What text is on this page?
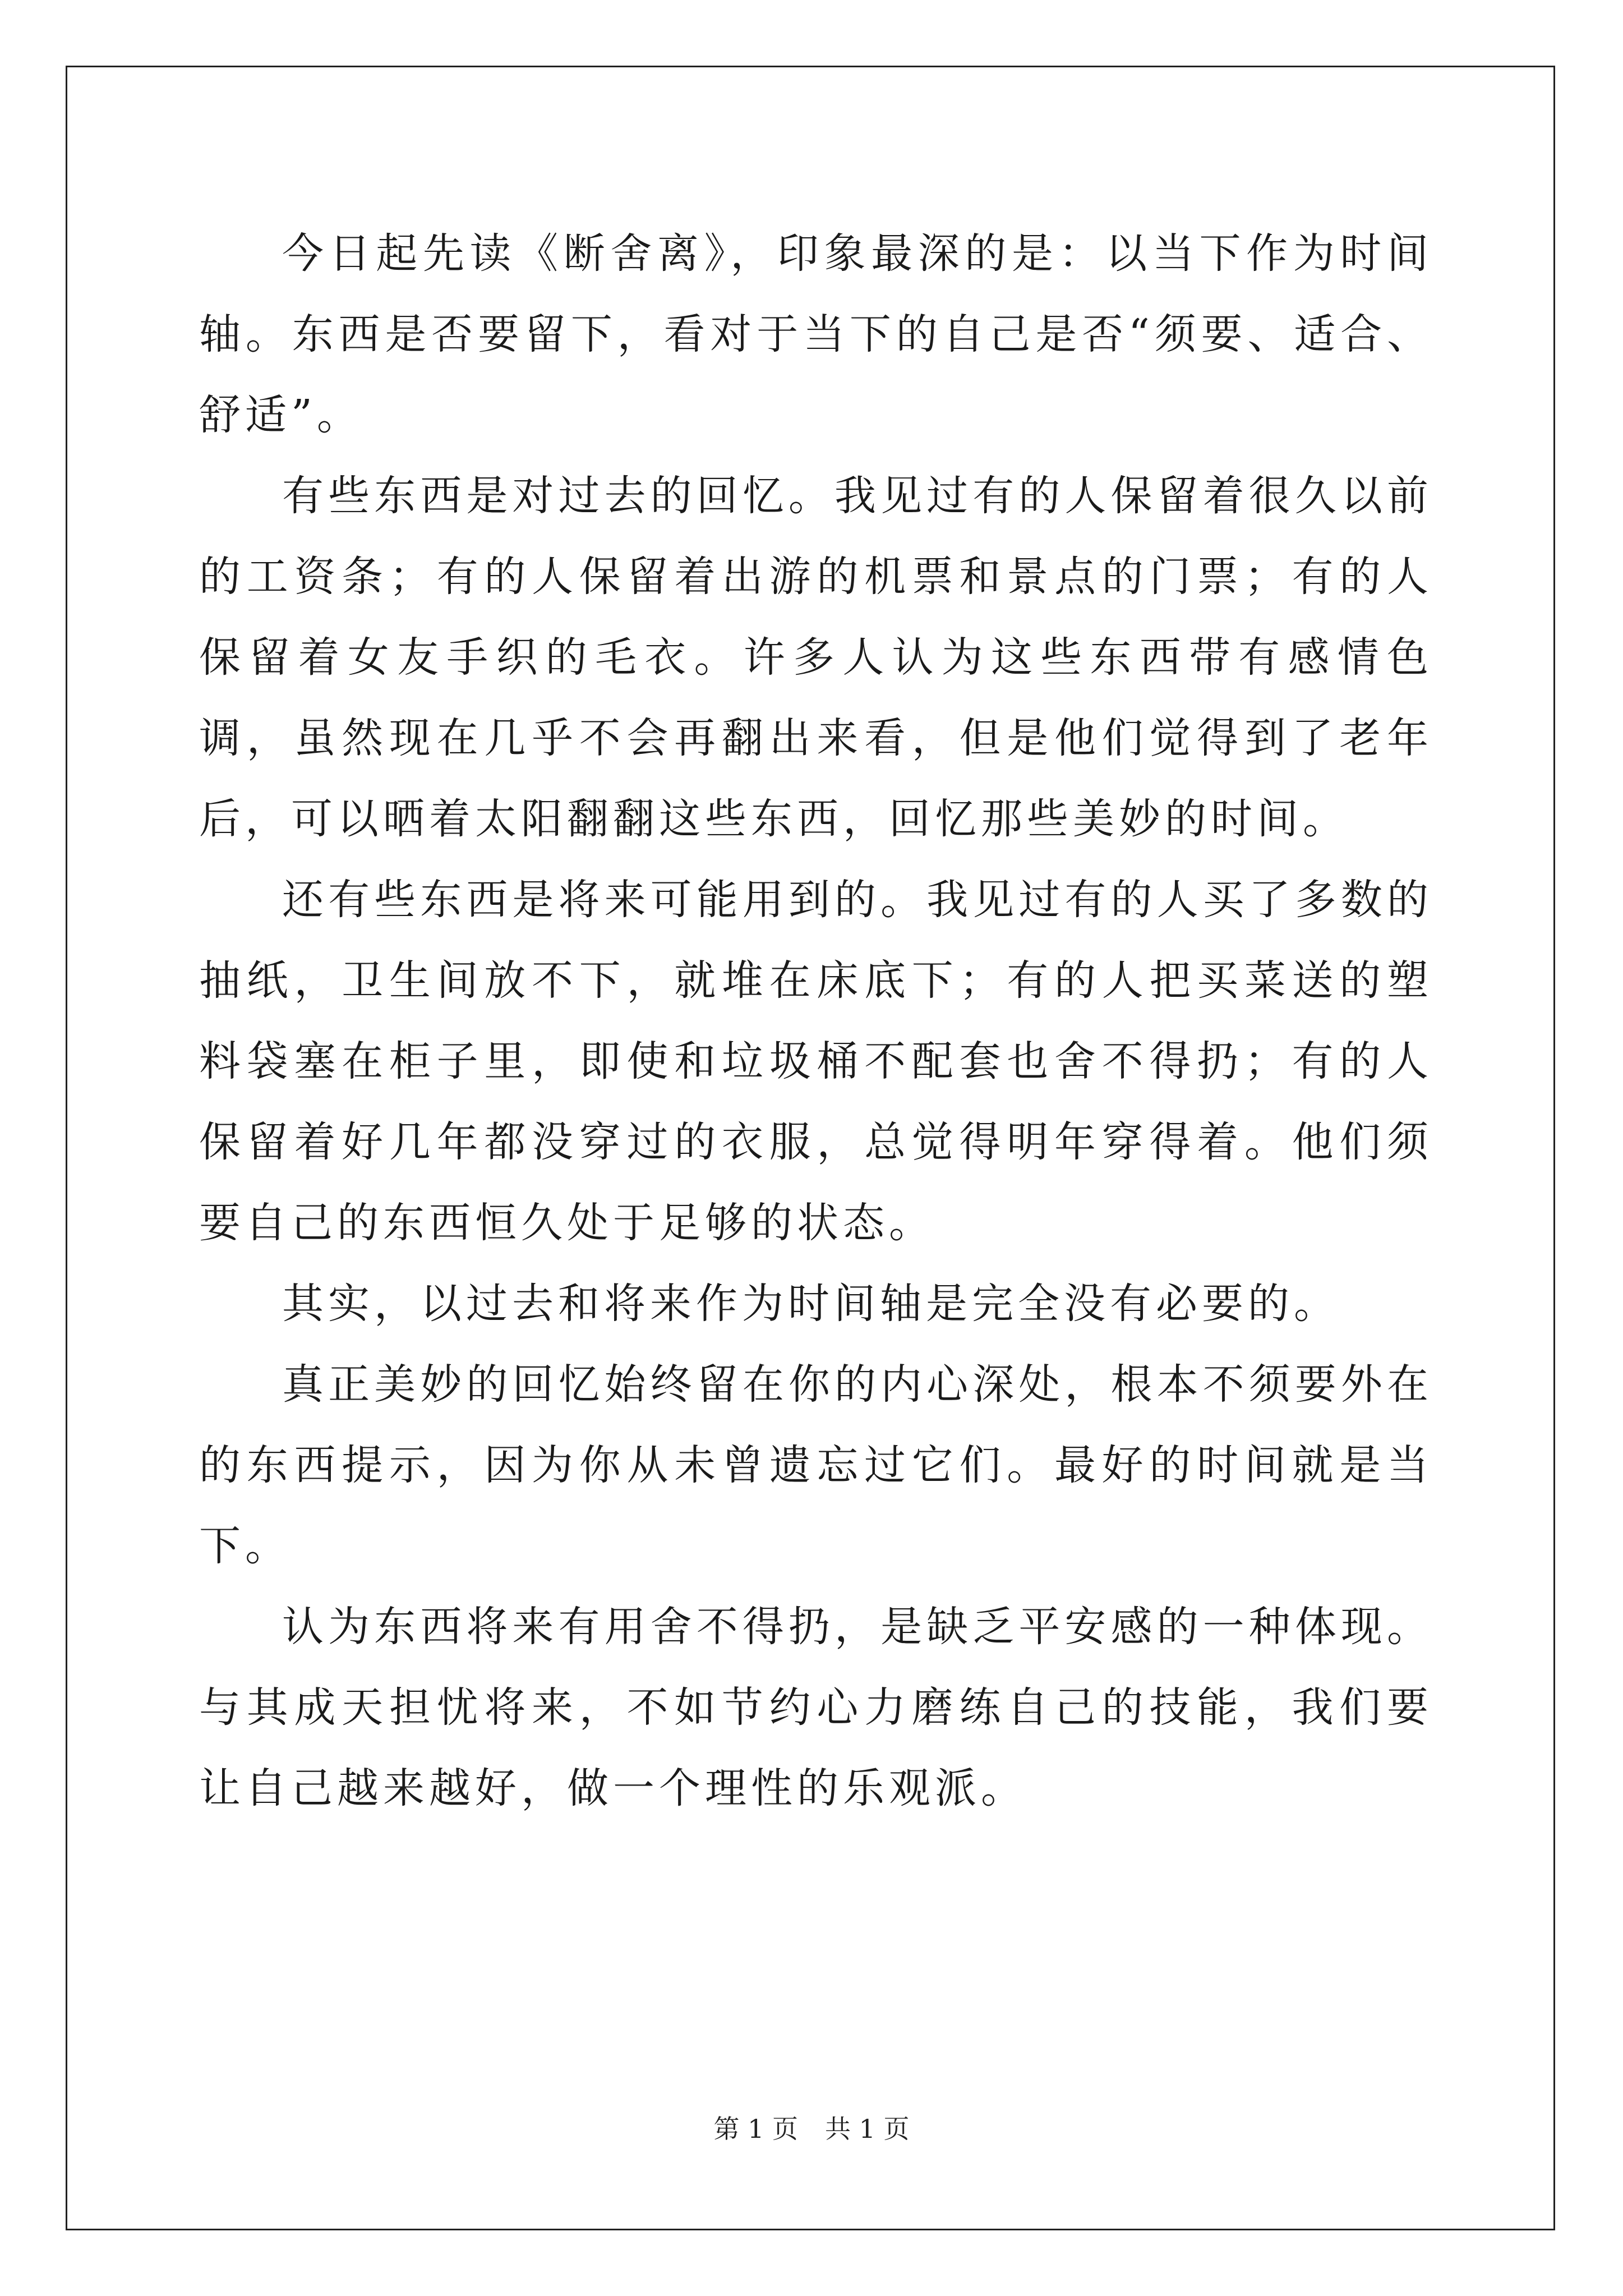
今日起先读《断舍离》，印象最深的是：以当下作为时间轴。东西是否要留下，看对于当下的自己是否“须要、适合、舒适”。

有些东西是对过去的回忆。我见过有的人保留着很久以前的工资条；有的人保留着出游的机票和景点的门票；有的人保留着女友手织的毛衣。许多人认为这些东西带有感情色调，虽然现在几乎不会再翻出来看，但是他们觉得到了老年后，可以晒着太阳翻翻这些东西，回忆那些美妙的时间。

还有些东西是将来可能用到的。我见过有的人买了多数的抽纸，卫生间放不下，就堆在床底下；有的人把买菜送的塑料袋塞在柜子里，即使和垃圾桶不配套也舍不得扔；有的人保留着好几年都没穿过的衣服，总觉得明年穿得着。他们须要自己的东西恒久处于足够的状态。

其实，以过去和将来作为时间轴是完全没有必要的。

真正美妙的回忆始终留在你的内心深处，根本不须要外在的东西提示，因为你从未曾遗忘过它们。最好的时间就是当下。

认为东西将来有用舍不得扔，是缺乏平安感的一种体现。与其成天担忧将来，不如节约心力磨练自己的技能，我们要让自己越来越好，做一个理性的乐观派。

第 1 页 共 1 页
